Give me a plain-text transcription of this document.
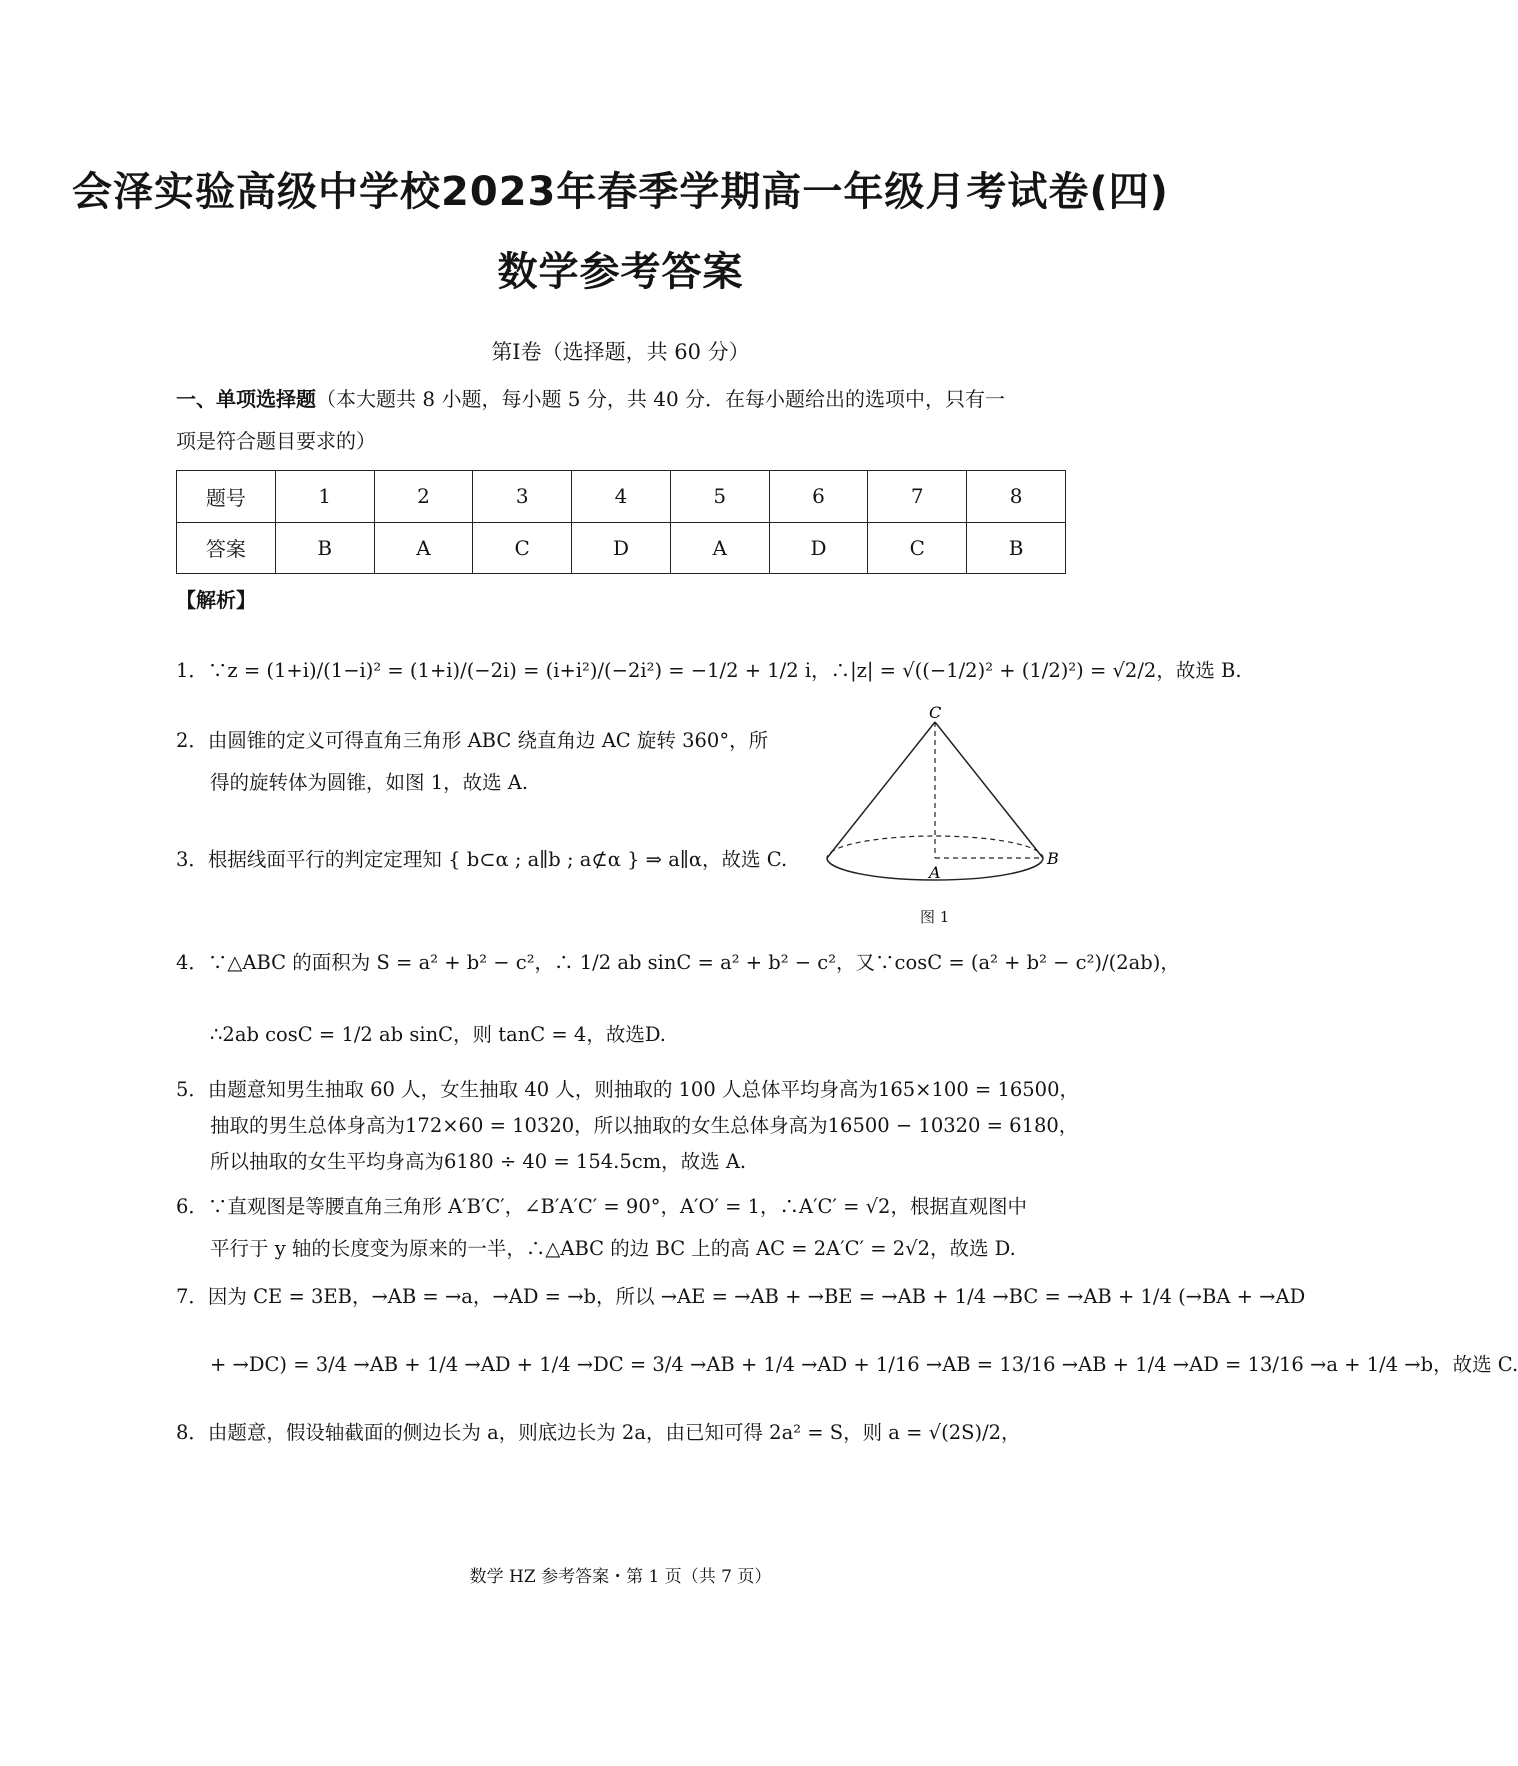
会泽实验高级中学校2023年春季学期高一年级月考试卷(四)
数学参考答案
第Ⅰ卷（选择题，共 60 分）
一、单项选择题（本大题共 8 小题，每小题 5 分，共 40 分．在每小题给出的选项中，只有一
项是符合题目要求的）
题号	1	2	3	4	5	6	7	8
答案	B	A	C	D	A	D	C	B
【解析】
1．∵z = (1+i)/(1−i)² = (1+i)/(−2i) = (i+i²)/(−2i²) = −1/2 + 1/2 i，∴|z| = √((−1/2)² + (1/2)²) = √2/2，故选 B.
2．由圆锥的定义可得直角三角形 ABC 绕直角边 AC 旋转 360°，所
得的旋转体为圆锥，如图 1，故选 A.
3．根据线面平行的判定定理知 { b⊂α ; a∥b ; a⊄α } ⇒ a∥α，故选 C.
4．∵△ABC 的面积为 S = a² + b² − c²，∴ 1/2 ab sinC = a² + b² − c²，又∵cosC = (a² + b² − c²)/(2ab)，
∴2ab cosC = 1/2 ab sinC，则 tanC = 4，故选D.
5．由题意知男生抽取 60 人，女生抽取 40 人，则抽取的 100 人总体平均身高为165×100 = 16500，
抽取的男生总体身高为172×60 = 10320，所以抽取的女生总体身高为16500 − 10320 = 6180，
所以抽取的女生平均身高为6180 ÷ 40 = 154.5cm，故选 A.
6．∵直观图是等腰直角三角形 A′B′C′，∠B′A′C′ = 90°，A′O′ = 1，∴A′C′ = √2，根据直观图中
平行于 y 轴的长度变为原来的一半，∴△ABC 的边 BC 上的高 AC = 2A′C′ = 2√2，故选 D.
7．因为 CE = 3EB，→AB = →a，→AD = →b，所以 →AE = →AB + →BE = →AB + 1/4 →BC = →AB + 1/4 (→BA + →AD
+ →DC) = 3/4 →AB + 1/4 →AD + 1/4 →DC = 3/4 →AB + 1/4 →AD + 1/16 →AB = 13/16 →AB + 1/4 →AD = 13/16 →a + 1/4 →b，故选 C.
8．由题意，假设轴截面的侧边长为 a，则底边长为 2a，由已知可得 2a² = S，则 a = √(2S)/2，
C
A
B
图 1
数学 HZ 参考答案・第 1 页（共 7 页）
